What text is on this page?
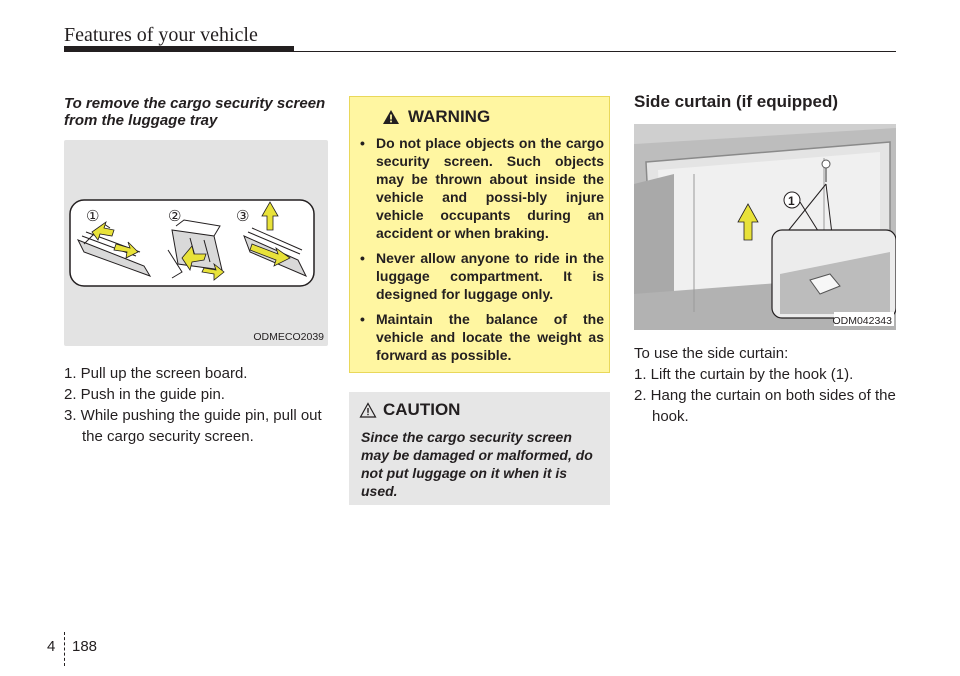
Features of your vehicle

To remove the cargo security screen from the luggage tray

①	②	③
ODMECO2039
1. Pull up the screen board.
2. Push in the guide pin.
3. While pushing the guide pin, pull out the cargo security screen.
WARNING
• Do not place objects on the cargo security screen. Such objects may be thrown about inside the vehicle and possi-bly injure vehicle occupants during an accident or when braking.
• Never allow anyone to ride in the luggage compartment. It is designed for luggage only.
• Maintain the balance of the vehicle and locate the weight as forward as possible.
CAUTION

Since the cargo security screen may be damaged or malformed, do not put luggage on it when it is used.

Side curtain (if equipped)
1
ODM042343

To use the side curtain:

1. Lift the curtain by the hook (1).
2. Hang the curtain on both sides of the hook.
4 188
